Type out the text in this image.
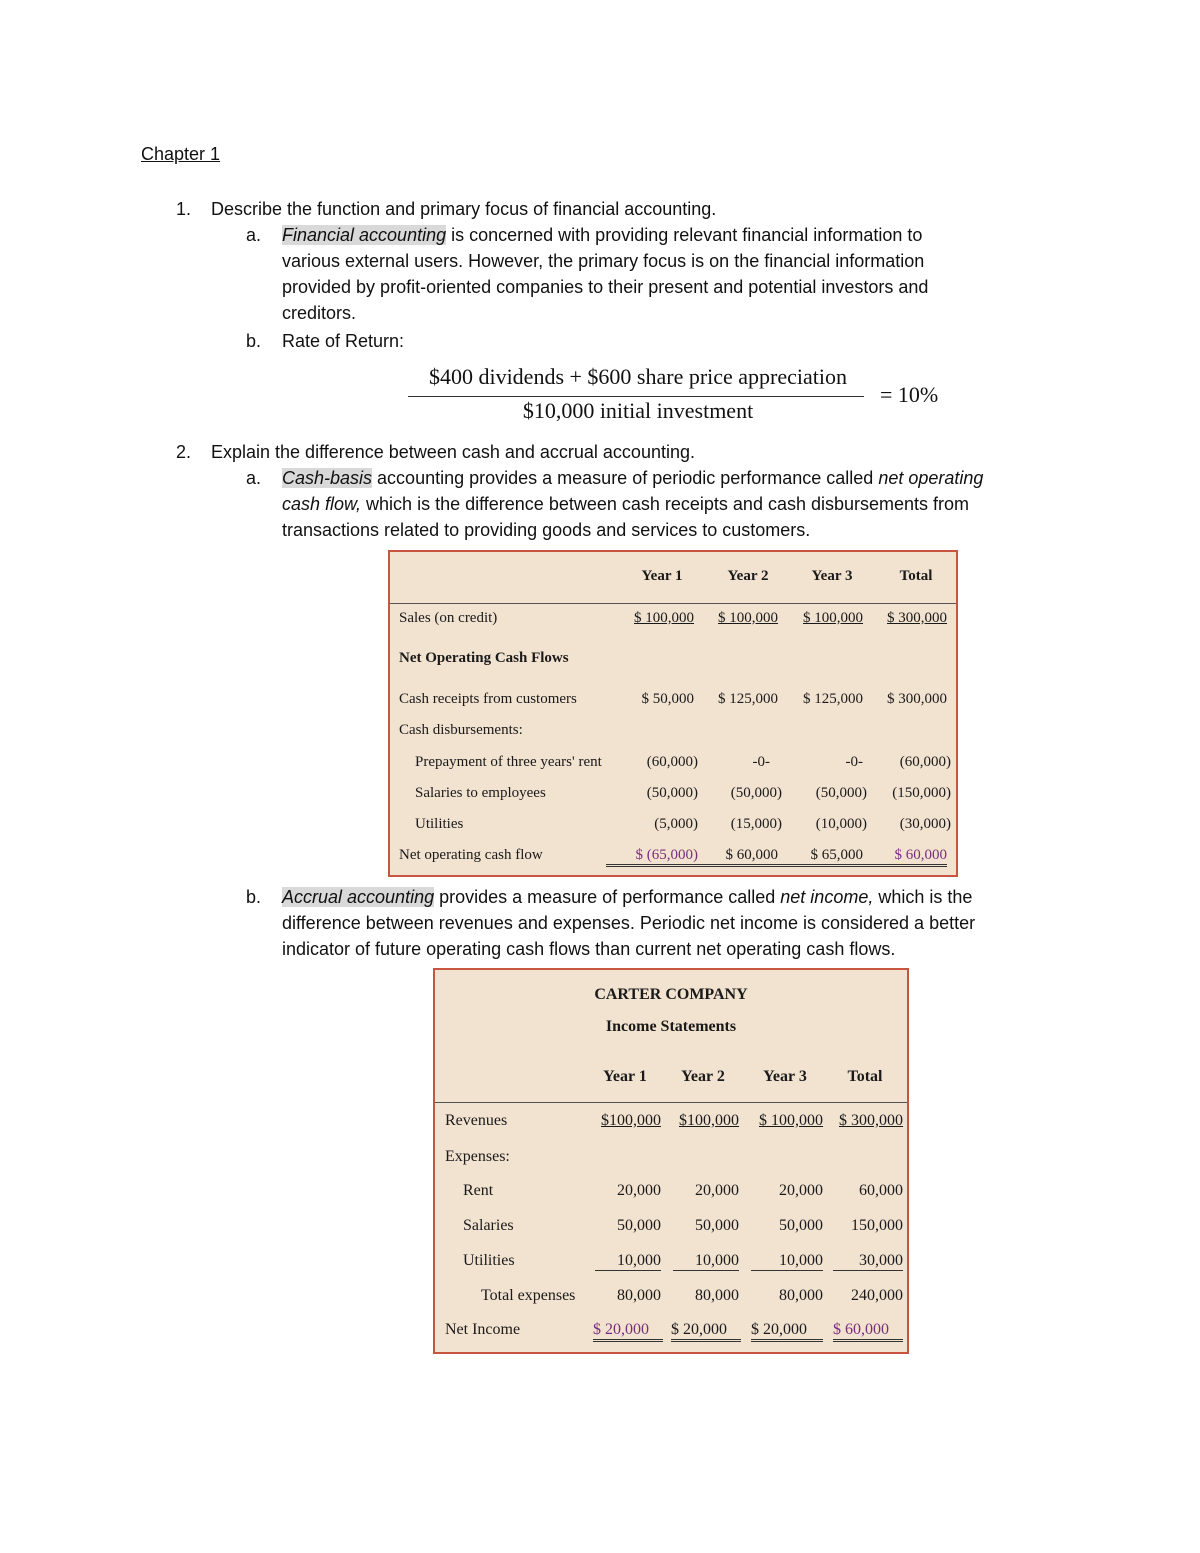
Chapter 1
1.	Describe the function and primary focus of financial accounting.
a.	Financial accounting is concerned with providing relevant financial information to
various external users. However, the primary focus is on the financial information
provided by profit-oriented companies to their present and potential investors and
creditors.
b.	Rate of Return:
$400 dividends + $600 share price appreciation
$10,000 initial investment
= 10%
2.	Explain the difference between cash and accrual accounting.
a.	Cash-basis accounting provides a measure of periodic performance called net operating
cash flow, which is the difference between cash receipts and cash disbursements from
transactions related to providing goods and services to customers.
b.	Accrual accounting provides a measure of performance called net income, which is the
difference between revenues and expenses. Periodic net income is considered a better
indicator of future operating cash flows than current net operating cash flows.
Year 1	Year 2	Year 3	Total
Sales (on credit)	$ 100,000	$ 100,000	$ 100,000	$ 300,000
Net Operating Cash Flows
Cash receipts from customers	$ 50,000	$ 125,000	$ 125,000	$ 300,000
Cash disbursements:
Prepayment of three years' rent	(60,000)	-0-	-0-	(60,000)
Salaries to employees	(50,000)	(50,000)	(50,000)	(150,000)
Utilities	(5,000)	(15,000)	(10,000)	(30,000)
Net operating cash flow	$ (65,000)	$ 60,000	$ 65,000	$ 60,000
CARTER COMPANY
Income Statements
Year 1	Year 2	Year 3	Total
Revenues	$100,000	$100,000	$ 100,000	$ 300,000
Expenses:
Rent	20,000	20,000	20,000	60,000
Salaries	50,000	50,000	50,000	150,000
Utilities	10,000	10,000	10,000	30,000
Total expenses	80,000	80,000	80,000	240,000
Net Income	$ 20,000	$ 20,000	$ 20,000	$ 60,000
